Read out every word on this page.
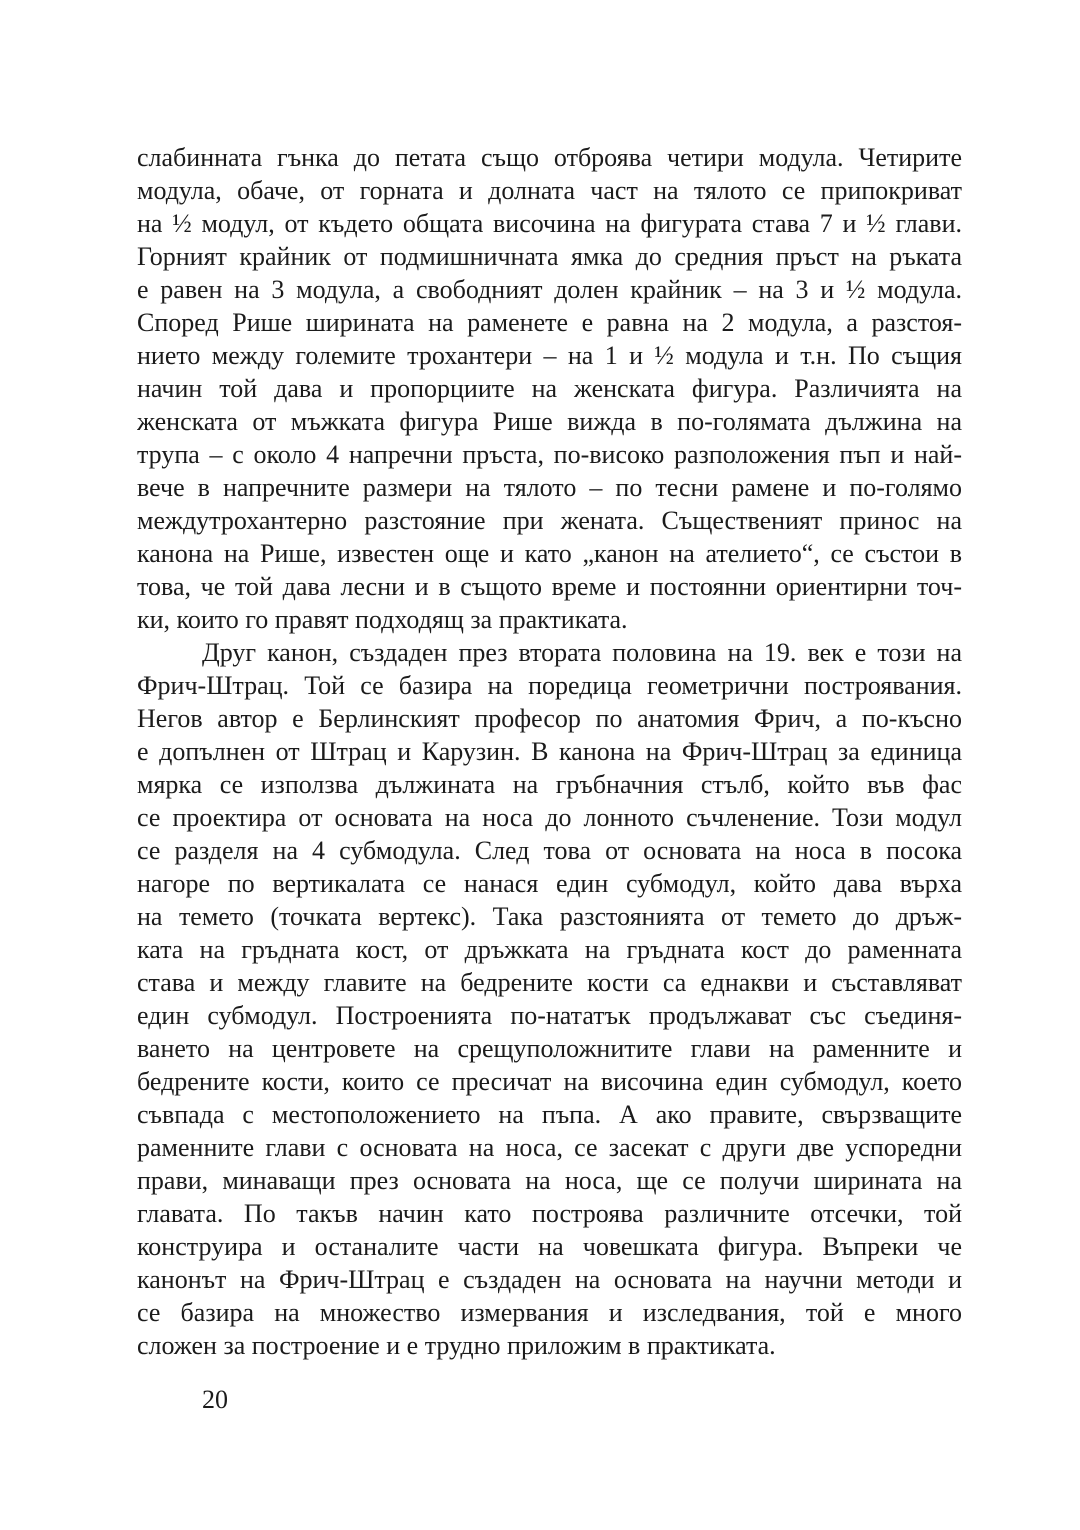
слабинната гънка до петата също отброява четири модула. Четирите
модула, обаче, от горната и долната част на тялото се припокриват
на ½ модул, от където общата височина на фигурата става 7 и ½ глави.
Горният крайник от подмишничната ямка до средния пръст на ръката
е равен на 3 модула, а свободният долен крайник – на 3 и ½ модула.
Според Рише ширината на раменете е равна на 2 модула, а разстоя-
нието между големите трохантери – на 1 и ½ модула и т.н. По същия
начин той дава и пропорциите на женската фигура. Различията на
женската от мъжката фигура Рише вижда в по-голямата дължина на
трупа – с около 4 напречни пръста, по-високо разположения пъп и най-
вече в напречните размери на тялото – по тесни рамене и по-голямо
междутрохантерно разстояние при жената. Същественият принос на
канона на Рише, известен още и като „канон на ателието“, се състои в
това, че той дава лесни и в същото време и постоянни ориентирни точ-
ки, които го правят подходящ за практиката.
Друг канон, създаден през втората половина на 19. век е този на
Фрич-Штрац. Той се базира на поредица геометрични построявания.
Негов автор е Берлинският професор по анатомия Фрич, а по-късно
е допълнен от Штрац и Карузин. В канона на Фрич-Штрац за единица
мярка се използва дължината на гръбначния стълб, който във фас
се проектира от основата на носа до лонното съчленение. Този модул
се разделя на 4 субмодула. След това от основата на носа в посока
нагоре по вертикалата се нанася един субмодул, който дава върха
на темето (точката вертекс). Така разстоянията от темето до дръж-
ката на гръдната кост, от дръжката на гръдната кост до раменната
става и между главите на бедрените кости са еднакви и съставляват
един субмодул. Построенията по-нататък продължават със съединя-
ването на центровете на срещуположнитите глави на раменните и
бедрените кости, които се пресичат на височина един субмодул, което
съвпада с местоположението на пъпа. А ако правите, свързващите
раменните глави с основата на носа, се засекат с други две успоредни
прави, минаващи през основата на носа, ще се получи ширината на
главата. По такъв начин като построява различните отсечки, той
конструира и останалите части на човешката фигура. Въпреки че
канонът на Фрич-Штрац е създаден на основата на научни методи и
се базира на множество измервания и изследвания, той е много
сложен за построение и е трудно приложим в практиката.
20
